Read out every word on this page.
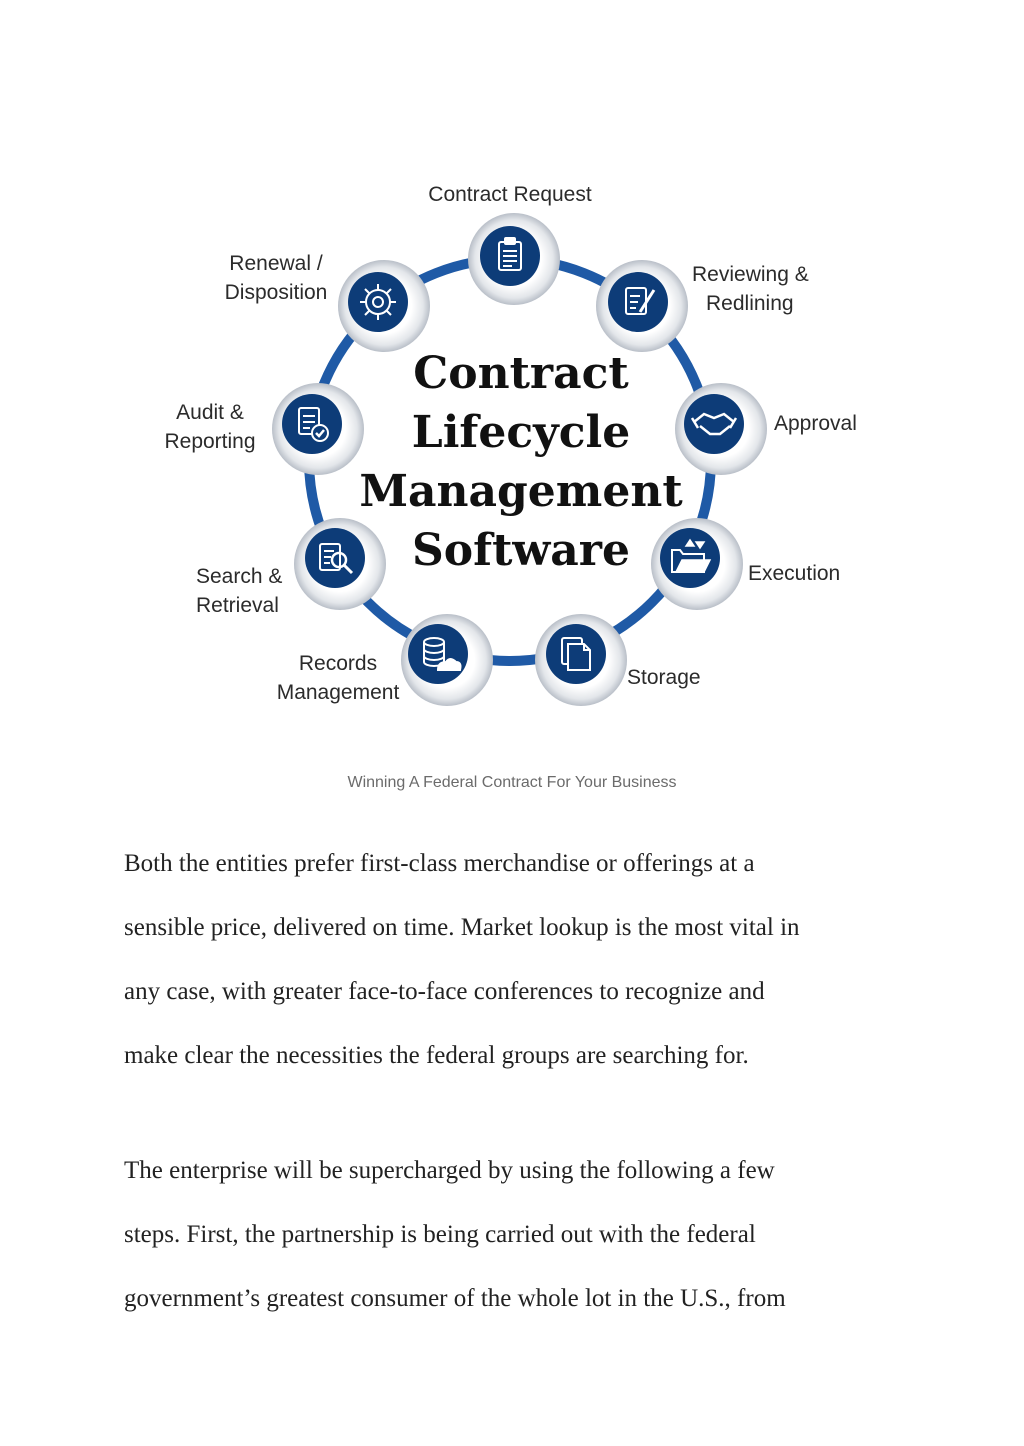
Contract
Lifecycle
Management
Software
Contract Request
Reviewing &
Redlining
Approval
Execution
Storage
Records
Management
Search &
Retrieval
Audit &
Reporting
Renewal /
Disposition
Winning A Federal Contract For Your Business

Both the entities prefer first-class merchandise or offerings at a
sensible price, delivered on time. Market lookup is the most vital in
any case, with greater face-to-face conferences to recognize and
make clear the necessities the federal groups are searching for.

The enterprise will be supercharged by using the following a few
steps. First, the partnership is being carried out with the federal
government’s greatest consumer of the whole lot in the U.S., from
